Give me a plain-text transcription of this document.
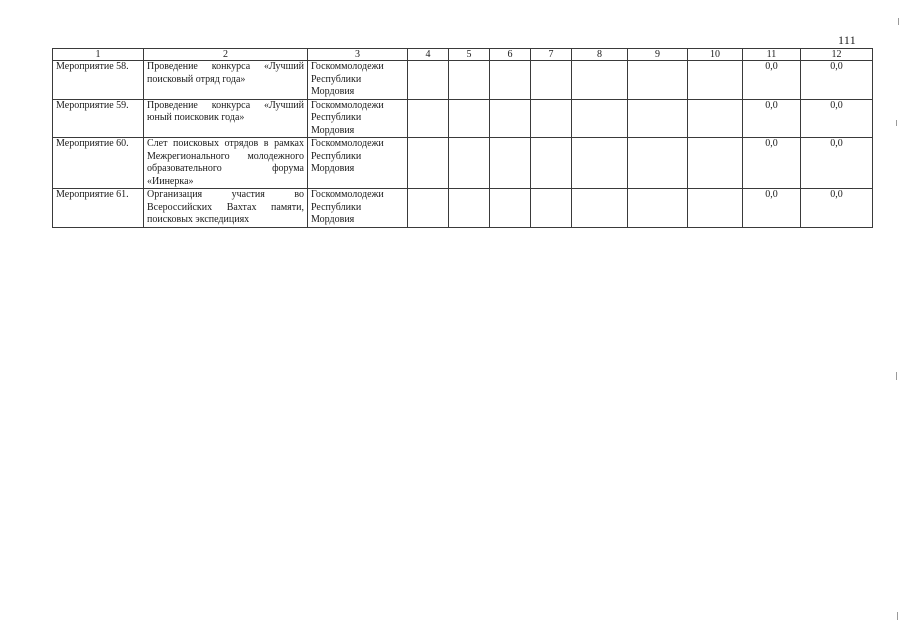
111
1	2	3	4	5	6	7	8	9	10	11	12
Мероприятие 58.	Проведение конкурса «Лучший поисковый отряд года»	Госкоммолодежи Республики Мордовия								0,0	0,0
Мероприятие 59.	Проведение конкурса «Лучший юный поисковик года»	Госкоммолодежи Республики Мордовия								0,0	0,0
Мероприятие 60.	Слет поисковых отрядов в рамках Межрегионального молодежного образовательного форума «Иинерка»	Госкоммолодежи Республики Мордовия								0,0	0,0
Мероприятие 61.	Организация участия во Всероссийских Вахтах памяти, поисковых экспедициях	Госкоммолодежи Республики Мордовия								0,0	0,0
